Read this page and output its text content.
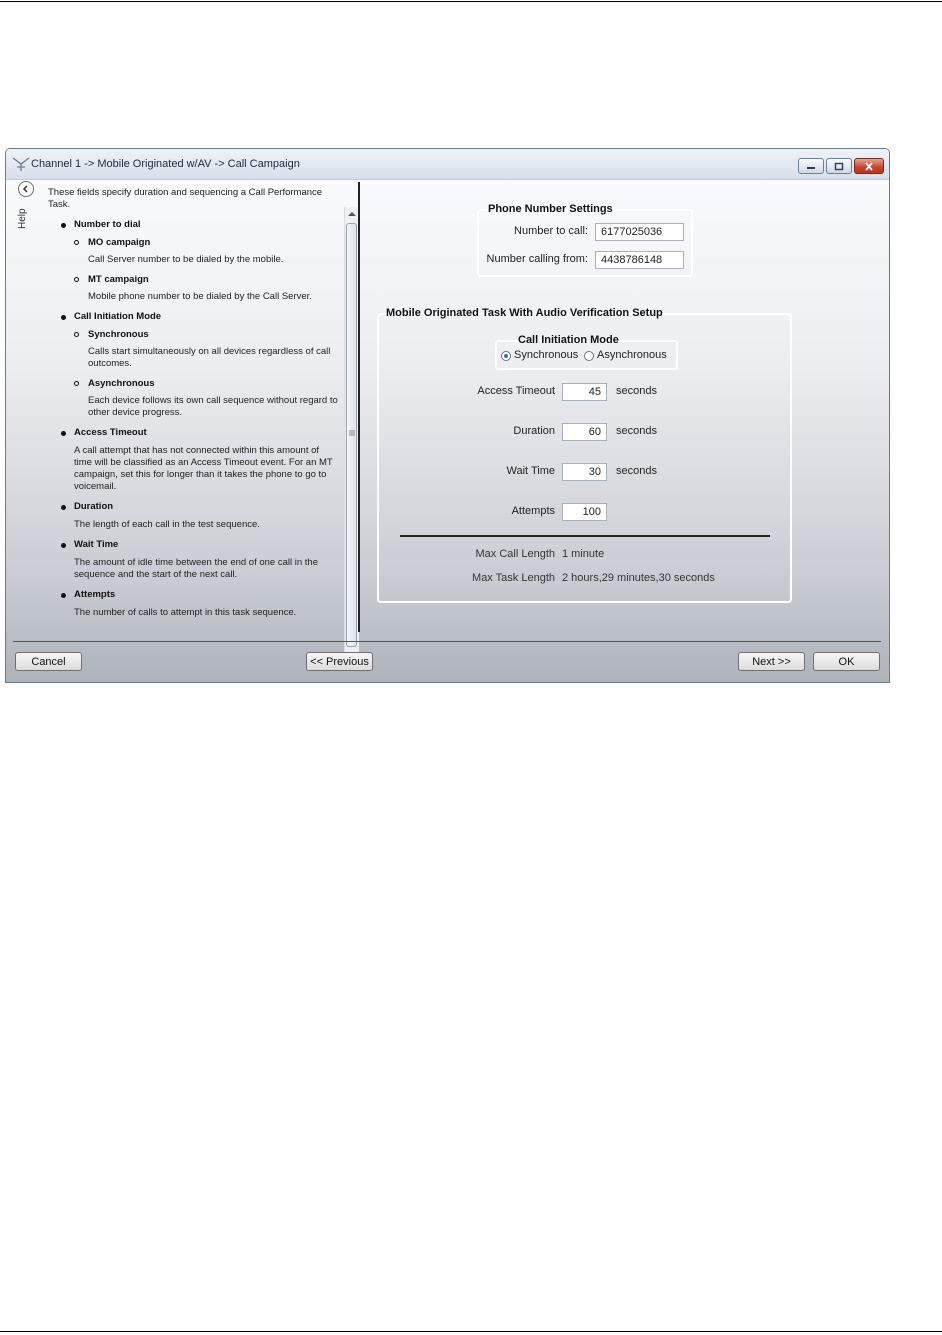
Channel 1 -> Mobile Originated w/AV -> Call Campaign
Help

These fields specify duration and sequencing a Call Performance Task.

Number to dial
MO campaign
Call Server number to be dialed by the mobile.
MT campaign
Mobile phone number to be dialed by the Call Server.
Call Initiation Mode
Synchronous
Calls start simultaneously on all devices regardless of call outcomes.
Asynchronous
Each device follows its own call sequence without regard to other device progress.
Access Timeout
A call attempt that has not connected within this amount of time will be classified as an Access Timeout event. For an MT campaign, set this for longer than it takes the phone to go to voicemail.
Duration
The length of each call in the test sequence.
Wait Time
The amount of idle time between the end of one call in the sequence and the start of the next call.
Attempts
The number of calls to attempt in this task sequence.
Phone Number Settings
Number to call:
6177025036
Number calling from:
4438786148
Mobile Originated Task With Audio Verification Setup
Call Initiation Mode
Synchronous Asynchronous
Access Timeout
45	seconds
Duration
60	seconds
Wait Time
30	seconds
Attempts
100
Max Call Length 1 minute
Max Task Length 2 hours,29 minutes,30 seconds
Cancel	<< Previous	Next >>	OK
